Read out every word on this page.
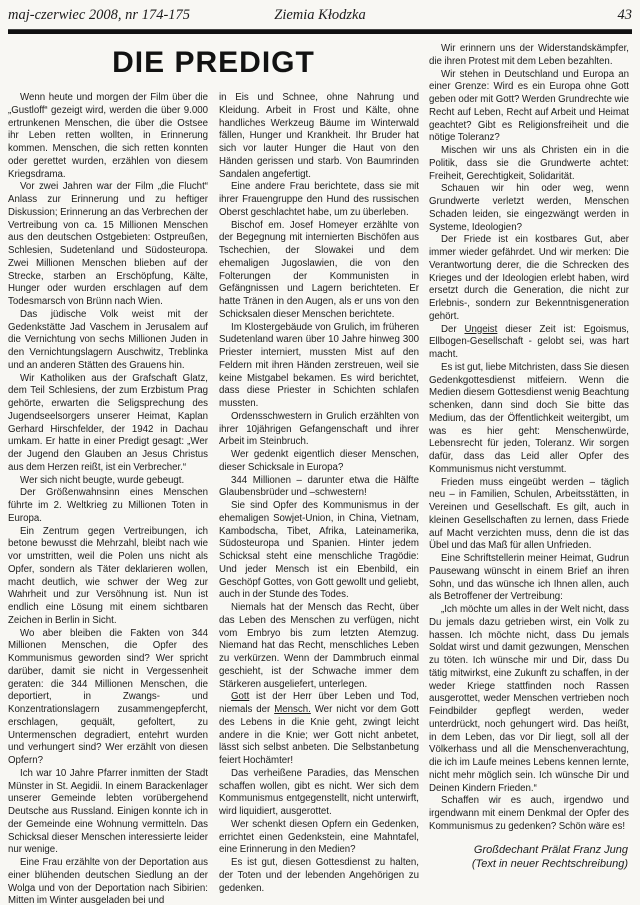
maj-czerwiec 2008, nr 174-175	Ziemia Kłodzka	43
DIE PREDIGT

Wenn heute und morgen der Film über die „Gustloff“ gezeigt wird, werden die über 9.000 ertrunkenen Menschen, die über die Ostsee ihr Leben retten wollten, in Erinnerung kommen. Menschen, die sich retten konnten oder gerettet wurden, erzählen von diesem Kriegsdrama.

Vor zwei Jahren war der Film „die Flucht“ Anlass zur Erinnerung und zu heftiger Diskussion; Erinnerung an das Verbrechen der Vertreibung von ca. 15 Millionen Menschen aus den deutschen Ostgebieten: Ostpreußen, Schlesien, Sudetenland und Südosteuropa. Zwei Millionen Menschen blieben auf der Strecke, starben an Erschöpfung, Kälte, Hunger oder wurden erschlagen auf dem Todesmarsch von Brünn nach Wien.

Das jüdische Volk weist mit der Gedenkstätte Jad Vaschem in Jerusalem auf die Vernichtung von sechs Millionen Juden in den Vernichtungslagern Auschwitz, Treblinka und an anderen Stätten des Grauens hin.

Wir Katholiken aus der Grafschaft Glatz, dem Teil Schlesiens, der zum Erzbistum Prag gehörte, erwarten die Seligsprechung des Jugendseelsorgers unserer Heimat, Kaplan Gerhard Hirschfelder, der 1942 in Dachau umkam. Er hatte in einer Predigt gesagt: „Wer der Jugend den Glauben an Jesus Christus aus dem Herzen reißt, ist ein Verbrecher.“

Wer sich nicht beugte, wurde gebeugt.

Der Größenwahnsinn eines Menschen führte im 2. Weltkrieg zu Millionen Toten in Europa.

Ein Zentrum gegen Vertreibungen, ich betone bewusst die Mehrzahl, bleibt nach wie vor umstritten, weil die Polen uns nicht als Opfer, sondern als Täter deklarieren wollen, macht deutlich, wie schwer der Weg zur Wahrheit und zur Versöhnung ist. Nun ist endlich eine Lösung mit einem sichtbaren Zeichen in Berlin in Sicht.

Wo aber bleiben die Fakten von 344 Millionen Menschen, die Opfer des Kommunismus geworden sind? Wer spricht darüber, damit sie nicht in Vergessenheit geraten: die 344 Millionen Menschen, die deportiert, in Zwangs- und Konzentrationslagern zusammengepfercht, erschlagen, gequält, gefoltert, zu Untermenschen degradiert, entehrt wurden und verhungert sind? Wer erzählt von diesen Opfern?

Ich war 10 Jahre Pfarrer inmitten der Stadt Münster in St. Aegidii. In einem Barackenlager unserer Gemeinde lebten vorübergehend Deutsche aus Russland. Einigen konnte ich in der Gemeinde eine Wohnung vermitteln. Das Schicksal dieser Menschen interessierte leider nur wenige.

Eine Frau erzählte von der Deportation aus einer blühenden deutschen Siedlung an der Wolga und von der Deportation nach Sibirien: Mitten im Winter ausgeladen bei und

in Eis und Schnee, ohne Nahrung und Kleidung. Arbeit in Frost und Kälte, ohne handliches Werkzeug Bäume im Winterwald fällen, Hunger und Krankheit. Ihr Bruder hat sich vor lauter Hunger die Haut von den Händen gerissen und starb. Von Baumrinden Sandalen angefertigt.

Eine andere Frau berichtete, dass sie mit ihrer Frauengruppe den Hund des russischen Oberst geschlachtet habe, um zu überleben.

Bischof em. Josef Homeyer erzählte von der Begegnung mit internierten Bischöfen aus Tschechien, der Slowakei und dem ehemaligen Jugoslawien, die von den Folterungen der Kommunisten in Gefängnissen und Lagern berichteten. Er hatte Tränen in den Augen, als er uns von den Schicksalen dieser Menschen berichtete.

Im Klostergebäude von Grulich, im früheren Sudetenland waren über 10 Jahre hinweg 300 Priester interniert, mussten Mist auf den Feldern mit ihren Händen zerstreuen, weil sie keine Mistgabel bekamen. Es wird berichtet, dass diese Priester in Schichten schlafen mussten.

Ordensschwestern in Grulich erzählten von ihrer 10jährigen Gefangenschaft und ihrer Arbeit im Steinbruch.

Wer gedenkt eigentlich dieser Menschen, dieser Schicksale in Europa?

344 Millionen – darunter etwa die Hälfte Glaubensbrüder und –schwestern!

Sie sind Opfer des Kommunismus in der ehemaligen Sowjet-Union, in China, Vietnam, Kambodscha, Tibet, Afrika, Lateinamerika, Südosteuropa und Spanien. Hinter jedem Schicksal steht eine menschliche Tragödie: Und jeder Mensch ist ein Ebenbild, ein Geschöpf Gottes, von Gott gewollt und geliebt, auch in der Stunde des Todes.

Niemals hat der Mensch das Recht, über das Leben des Menschen zu verfügen, nicht vom Embryo bis zum letzten Atemzug. Niemand hat das Recht, menschliches Leben zu verkürzen. Wenn der Dammbruch einmal geschieht, ist der Schwache immer dem Stärkeren ausgeliefert, unterlegen.

Gott ist der Herr über Leben und Tod, niemals der Mensch. Wer nicht vor dem Gott des Lebens in die Knie geht, zwingt leicht andere in die Knie; wer Gott nicht anbetet, lässt sich selbst anbeten. Die Selbstanbetung feiert Hochämter!

Das verheißene Paradies, das Menschen schaffen wollen, gibt es nicht. Wer sich dem Kommunismus entgegenstellt, nicht unterwirft, wird liquidiert, ausgerottet.

Wer schenkt diesen Opfern ein Gedenken, errichtet einen Gedenkstein, eine Mahntafel, eine Erinnerung in den Medien?

Es ist gut, diesen Gottesdienst zu halten, der Toten und der lebenden Angehörigen zu gedenken.

Wir erinnern uns der Widerstandskämpfer, die ihren Protest mit dem Leben bezahlten.

Wir stehen in Deutschland und Europa an einer Grenze: Wird es ein Europa ohne Gott geben oder mit Gott? Werden Grundrechte wie Recht auf Leben, Recht auf Arbeit und Heimat geachtet? Gibt es Religionsfreiheit und die nötige Toleranz?

Mischen wir uns als Christen ein in die Politik, dass sie die Grundwerte achtet: Freiheit, Gerechtigkeit, Solidarität.

Schauen wir hin oder weg, wenn Grundwerte verletzt werden, Menschen Schaden leiden, sie eingezwängt werden in Systeme, Ideologien?

Der Friede ist ein kostbares Gut, aber immer wieder gefährdet. Und wir merken: Die Verantwortung derer, die die Schrecken des Krieges und der Ideologien erlebt haben, wird ersetzt durch die Generation, die nicht zur Erlebnis-, sondern zur Bekenntnisgeneration gehört.

Der Ungeist dieser Zeit ist: Egoismus, Ellbogen-Gesellschaft - gelobt sei, was hart macht.

Es ist gut, liebe Mitchristen, dass Sie diesen Gedenkgottesdienst mitfeiern. Wenn die Medien diesem Gottesdienst wenig Beachtung schenken, dann sind doch Sie bitte das Medium, das der Öffentlichkeit weitergibt, um was es hier geht: Menschenwürde, Lebensrecht für jeden, Toleranz. Wir sorgen dafür, dass das Leid aller Opfer des Kommunismus nicht verstummt.

Frieden muss eingeübt werden – täglich neu – in Familien, Schulen, Arbeitsstätten, in Vereinen und Gesellschaft. Es gilt, auch in kleinen Gesellschaften zu lernen, dass Friede auf Macht verzichten muss, denn die ist das Übel und das Maß für allen Unfrieden.

Eine Schriftstellerin meiner Heimat, Gudrun Pausewang wünscht in einem Brief an ihren Sohn, und das wünsche ich Ihnen allen, auch als Betroffener der Vertreibung:

„Ich möchte um alles in der Welt nicht, dass Du jemals dazu getrieben wirst, ein Volk zu hassen. Ich möchte nicht, dass Du jemals Soldat wirst und damit gezwungen, Menschen zu töten. Ich wünsche mir und Dir, dass Du tätig mitwirkst, eine Zukunft zu schaffen, in der weder Kriege stattfinden noch Rassen ausgerottet, weder Menschen vertrieben noch Feindbilder gepflegt werden, weder unterdrückt, noch gehungert wird. Das heißt, in dem Leben, das vor Dir liegt, soll all der Völkerhass und all die Menschenverachtung, die ich im Laufe meines Lebens kennen lernte, nicht mehr möglich sein. Ich wünsche Dir und Deinen Kindern Frieden.“

Schaffen wir es auch, irgendwo und irgendwann mit einem Denkmal der Opfer des Kommunismus zu gedenken? Schön wäre es!

Großdechant Prälat Franz Jung
(Text in neuer Rechtschreibung)
